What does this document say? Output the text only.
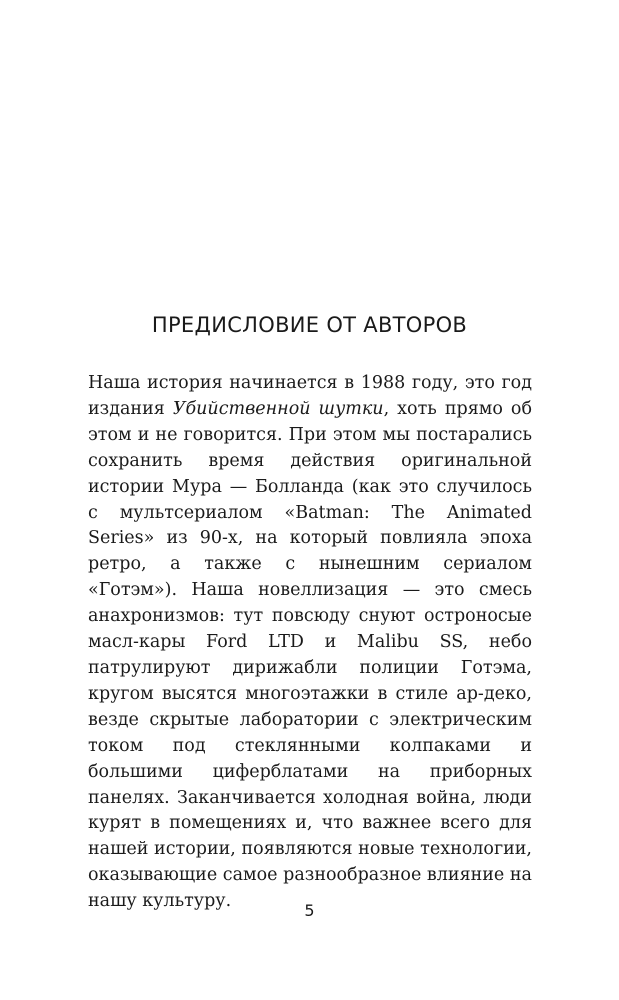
ПРЕДИСЛОВИЕ ОТ АВТОРОВ

Наша история начинается в 1988 году, это год издания Убийственной шутки, хоть прямо об этом и не говорится. При этом мы постарались сохранить время действия оригинальной истории Мура — Болланда (как это случилось с мультсериалом «Batman: The Animated Series» из 90-х, на который повлияла эпоха ретро, а также с нынешним сериалом «Готэм»). Наша новеллизация — это смесь анахронизмов: тут повсюду снуют остроносые масл-кары Ford LTD и Malibu SS, небо патрулируют дирижабли полиции Готэма, кругом высятся многоэтажки в стиле ар-деко, везде скрытые лаборатории с электрическим током под стеклянными колпаками и большими циферблатами на приборных панелях. Заканчивается холодная война, люди курят в помещениях и, что важнее всего для нашей истории, появляются новые технологии, оказывающие самое разнообразное влияние на нашу культуру.	5
